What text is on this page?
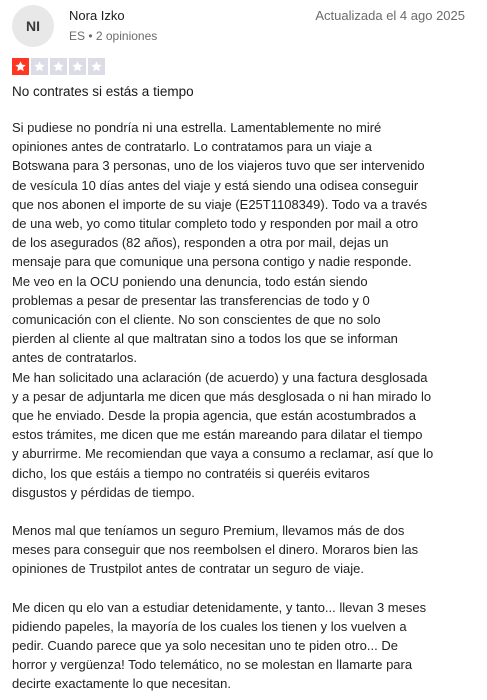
NI
Nora Izko
ES • 2 opiniones
Actualizada el 4 ago 2025
No contrates si estás a tiempo

Si pudiese no pondría ni una estrella. Lamentablemente no miré
opiniones antes de contratarlo. Lo contratamos para un viaje a
Botswana para 3 personas, uno de los viajeros tuvo que ser intervenido
de vesícula 10 días antes del viaje y está siendo una odisea conseguir
que nos abonen el importe de su viaje (E25T1108349). Todo va a través
de una web, yo como titular completo todo y responden por mail a otro
de los asegurados (82 años), responden a otra por mail, dejas un
mensaje para que comunique una persona contigo y nadie responde.
Me veo en la OCU poniendo una denuncia, todo están siendo
problemas a pesar de presentar las transferencias de todo y 0
comunicación con el cliente. No son conscientes de que no solo
pierden al cliente al que maltratan sino a todos los que se informan
antes de contratarlos.
Me han solicitado una aclaración (de acuerdo) y una factura desglosada
y a pesar de adjuntarla me dicen que más desglosada o ni han mirado lo
que he enviado. Desde la propia agencia, que están acostumbrados a
estos trámites, me dicen que me están mareando para dilatar el tiempo
y aburrirme. Me recomiendan que vaya a consumo a reclamar, así que lo
dicho, los que estáis a tiempo no contratéis si queréis evitaros
disgustos y pérdidas de tiempo.

Menos mal que teníamos un seguro Premium, llevamos más de dos
meses para conseguir que nos reembolsen el dinero. Moraros bien las
opiniones de Trustpilot antes de contratar un seguro de viaje.

Me dicen qu elo van a estudiar detenidamente, y tanto... llevan 3 meses
pidiendo papeles, la mayoría de los cuales los tienen y los vuelven a
pedir. Cuando parece que ya solo necesitan uno te piden otro... De
horror y vergüenza! Todo telemático, no se molestan en llamarte para
decirte exactamente lo que necesitan.
